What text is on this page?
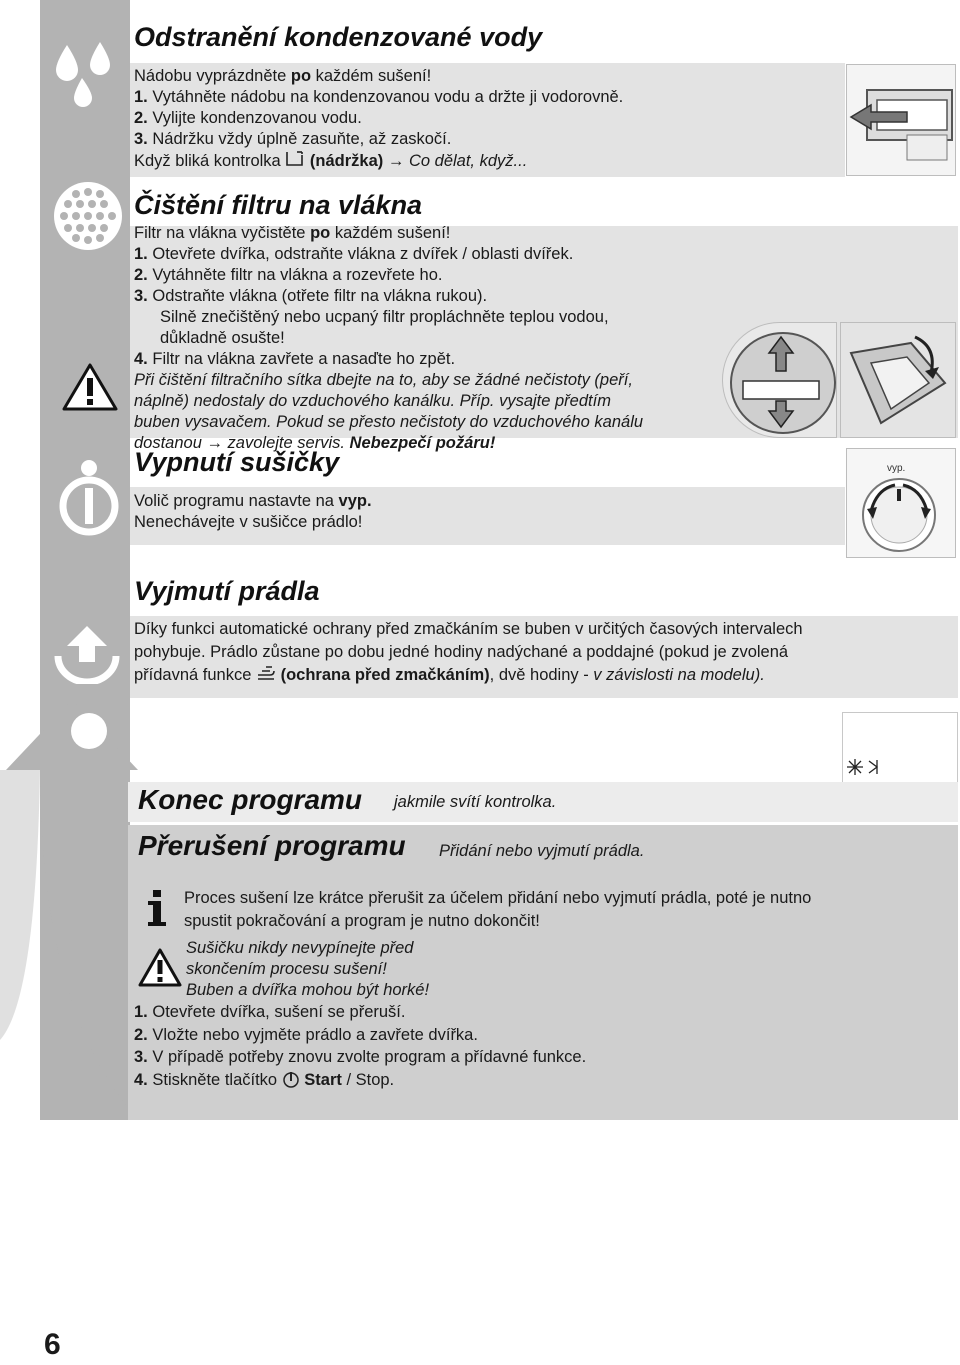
Odstranění kondenzované vody
Nádobu vyprázdněte po každém sušení!
1. Vytáhněte nádobu na kondenzovanou vodu a držte ji vodorovně.
2. Vylijte kondenzovanou vodu.
3. Nádržku vždy úplně zasuňte, až zaskočí.
Když bliká kontrolka  (nádržka) → Co dělat, když...
Čištění filtru na vlákna
Filtr na vlákna vyčistěte po každém sušení!
1. Otevřete dvířka, odstraňte vlákna z dvířek / oblasti dvířek.
2. Vytáhněte filtr na vlákna a rozevřete ho.
3. Odstraňte vlákna (otřete filtr na vlákna rukou).
Silně znečištěný nebo ucpaný filtr propláchněte teplou vodou,
důkladně osušte!
4. Filtr na vlákna zavřete a nasaďte ho zpět.
Při čištění filtračního sítka dbejte na to, aby se žádné nečistoty (peří,
náplně) nedostaly do vzduchového kanálku. Příp. vysajte předtím
buben vysavačem. Pokud se přesto nečistoty do vzduchového kanálu
dostanou → zavolejte servis. Nebezpečí požáru!
Vypnutí sušičky
Volič programu nastavte na vyp.
Nenechávejte v sušičce prádlo!
vyp.
Vyjmutí prádla
Díky funkci automatické ochrany před zmačkáním se buben v určitých časových intervalech
pohybuje. Prádlo zůstane po dobu jedné hodiny nadýchané a poddajné (pokud je zvolená
přídavná funkce  (ochrana před zmačkáním), dvě hodiny - v závislosti na modelu).
Konec programu jakmile svítí kontrolka.
Přerušení programu Přidání nebo vyjmutí prádla.
Proces sušení lze krátce přerušit za účelem přidání nebo vyjmutí prádla, poté je nutno
spustit pokračování a program je nutno dokončit!
Sušičku nikdy nevypínejte před
skončením procesu sušení!
Buben a dvířka mohou být horké!
1. Otevřete dvířka, sušení se přeruší.
2. Vložte nebo vyjměte prádlo a zavřete dvířka.
3. V případě potřeby znovu zvolte program a přídavné funkce.
4. Stiskněte tlačítko  Start / Stop.
6
